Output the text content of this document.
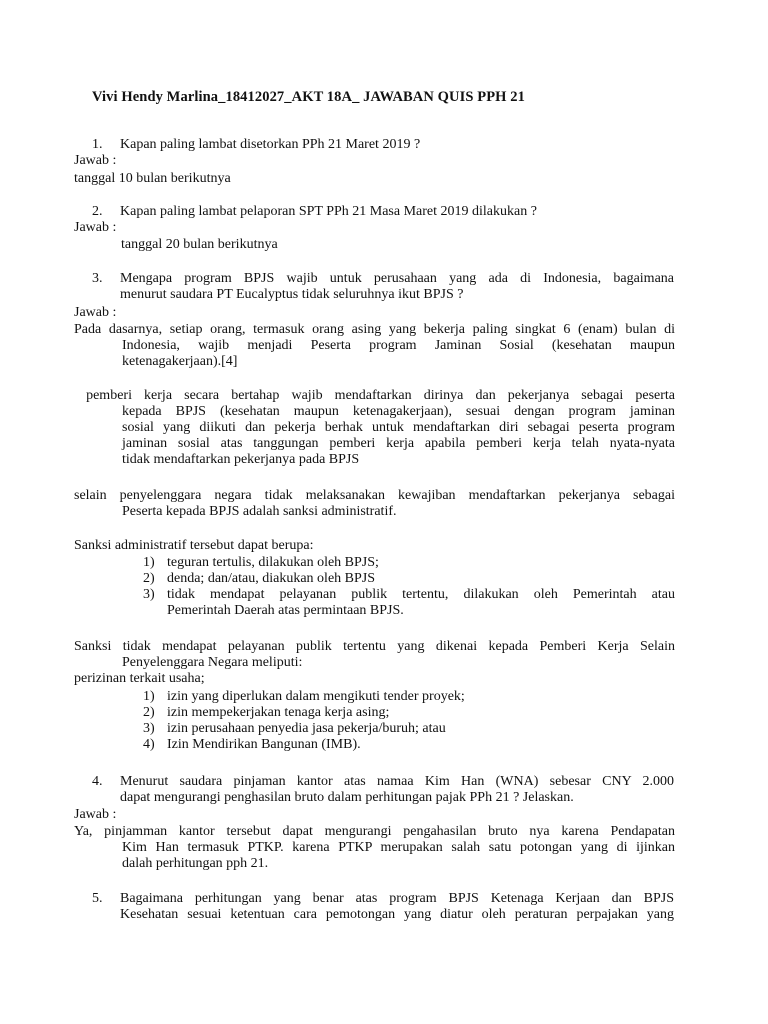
Vivi Hendy Marlina_18412027_AKT 18A_ JAWABAN QUIS PPH 21
1.	Kapan paling lambat disetorkan PPh 21 Maret 2019 ?
Jawab :
tanggal 10 bulan berikutnya
2.	Kapan paling lambat pelaporan SPT PPh 21 Masa Maret 2019 dilakukan ?
Jawab :
tanggal 20 bulan berikutnya
3.	Mengapa program BPJS wajib untuk perusahaan yang ada di Indonesia, bagaimana
menurut saudara PT Eucalyptus tidak seluruhnya ikut BPJS ?
Jawab :
Pada dasarnya, setiap orang, termasuk orang asing yang bekerja paling singkat 6 (enam) bulan di
Indonesia, wajib menjadi Peserta program Jaminan Sosial (kesehatan maupun
ketenagakerjaan).[4]
pemberi kerja secara bertahap wajib mendaftarkan dirinya dan pekerjanya sebagai peserta
kepada BPJS (kesehatan maupun ketenagakerjaan), sesuai dengan program jaminan
sosial yang diikuti dan pekerja berhak untuk mendaftarkan diri sebagai peserta program
jaminan sosial atas tanggungan pemberi kerja apabila pemberi kerja telah nyata-nyata
tidak mendaftarkan pekerjanya pada BPJS
selain penyelenggara negara tidak melaksanakan kewajiban mendaftarkan pekerjanya sebagai
Peserta kepada BPJS adalah sanksi administratif.
Sanksi administratif tersebut dapat berupa:
1) teguran tertulis, dilakukan oleh BPJS;
2) denda; dan/atau, diakukan oleh BPJS
3) tidak mendapat pelayanan publik tertentu, dilakukan oleh Pemerintah atau
Pemerintah Daerah atas permintaan BPJS.
Sanksi tidak mendapat pelayanan publik tertentu yang dikenai kepada Pemberi Kerja Selain
Penyelenggara Negara meliputi:
perizinan terkait usaha;
1) izin yang diperlukan dalam mengikuti tender proyek;
2) izin mempekerjakan tenaga kerja asing;
3) izin perusahaan penyedia jasa pekerja/buruh; atau
4) Izin Mendirikan Bangunan (IMB).
4.	Menurut saudara pinjaman kantor atas namaa Kim Han (WNA) sebesar CNY 2.000
dapat mengurangi penghasilan bruto dalam perhitungan pajak PPh 21 ? Jelaskan.
Jawab :
Ya, pinjamman kantor tersebut dapat mengurangi pengahasilan bruto nya karena Pendapatan
Kim Han termasuk PTKP. karena PTKP merupakan salah satu potongan yang di ijinkan
dalah perhitungan pph 21.
5.	Bagaimana perhitungan yang benar atas program BPJS Ketenaga Kerjaan dan BPJS
Kesehatan sesuai ketentuan cara pemotongan yang diatur oleh peraturan perpajakan yang
